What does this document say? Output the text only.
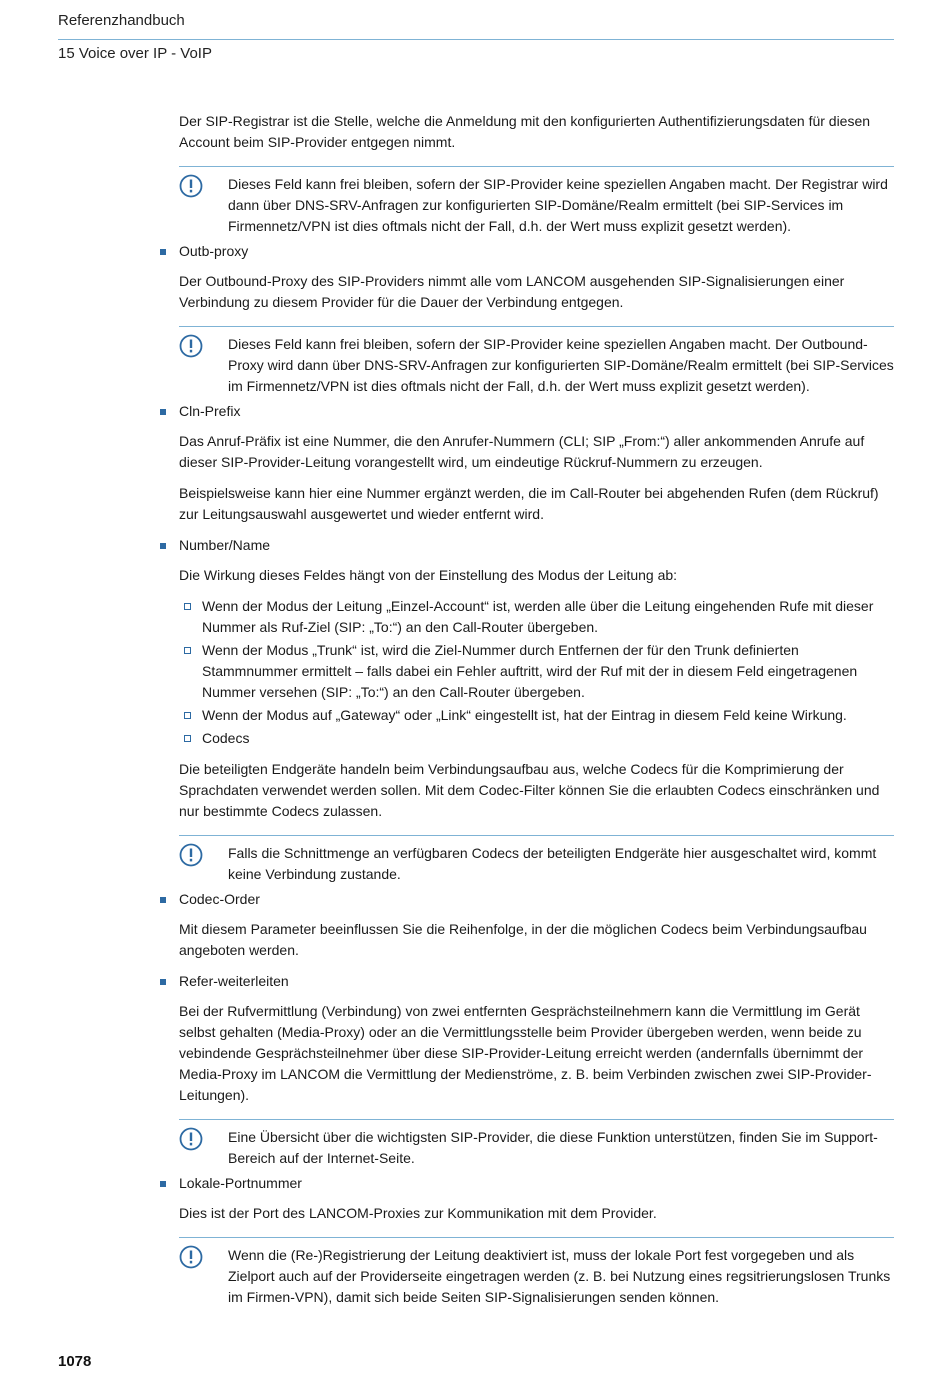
Referenzhandbuch
15 Voice over IP - VoIP

Der SIP-Registrar ist die Stelle, welche die Anmeldung mit den konfigurierten Authentifizierungsdaten für diesen Account beim SIP-Provider entgegen nimmt.

Dieses Feld kann frei bleiben, sofern der SIP-Provider keine speziellen Angaben macht. Der Registrar wird dann über DNS-SRV-Anfragen zur konfigurierten SIP-Domäne/Realm ermittelt (bei SIP-Services im Firmennetz/VPN ist dies oftmals nicht der Fall, d.h. der Wert muss explizit gesetzt werden).
Outb-proxy

Der Outbound-Proxy des SIP-Providers nimmt alle vom LANCOM ausgehenden SIP-Signalisierungen einer Verbindung zu diesem Provider für die Dauer der Verbindung entgegen.

Dieses Feld kann frei bleiben, sofern der SIP-Provider keine speziellen Angaben macht. Der Outbound-Proxy wird dann über DNS-SRV-Anfragen zur konfigurierten SIP-Domäne/Realm ermittelt (bei SIP-Services im Firmennetz/VPN ist dies oftmals nicht der Fall, d.h. der Wert muss explizit gesetzt werden).
Cln-Prefix

Das Anruf-Präfix ist eine Nummer, die den Anrufer-Nummern (CLI; SIP „From:“) aller ankommenden Anrufe auf dieser SIP-Provider-Leitung vorangestellt wird, um eindeutige Rückruf-Nummern zu erzeugen.

Beispielsweise kann hier eine Nummer ergänzt werden, die im Call-Router bei abgehenden Rufen (dem Rückruf) zur Leitungsauswahl ausgewertet und wieder entfernt wird.

Number/Name

Die Wirkung dieses Feldes hängt von der Einstellung des Modus der Leitung ab:

Wenn der Modus der Leitung „Einzel-Account“ ist, werden alle über die Leitung eingehenden Rufe mit dieser Nummer als Ruf-Ziel (SIP: „To:“) an den Call-Router übergeben.
Wenn der Modus „Trunk“ ist, wird die Ziel-Nummer durch Entfernen der für den Trunk definierten Stammnummer ermittelt – falls dabei ein Fehler auftritt, wird der Ruf mit der in diesem Feld eingetragenen Nummer versehen (SIP: „To:“) an den Call-Router übergeben.
Wenn der Modus auf „Gateway“ oder „Link“ eingestellt ist, hat der Eintrag in diesem Feld keine Wirkung.
Codecs

Die beteiligten Endgeräte handeln beim Verbindungsaufbau aus, welche Codecs für die Komprimierung der Sprachdaten verwendet werden sollen. Mit dem Codec-Filter können Sie die erlaubten Codecs einschränken und nur bestimmte Codecs zulassen.

Falls die Schnittmenge an verfügbaren Codecs der beteiligten Endgeräte hier ausgeschaltet wird, kommt keine Verbindung zustande.
Codec-Order

Mit diesem Parameter beeinflussen Sie die Reihenfolge, in der die möglichen Codecs beim Verbindungsaufbau angeboten werden.

Refer-weiterleiten

Bei der Rufvermittlung (Verbindung) von zwei entfernten Gesprächsteilnehmern kann die Vermittlung im Gerät selbst gehalten (Media-Proxy) oder an die Vermittlungsstelle beim Provider übergeben werden, wenn beide zu vebindende Gesprächsteilnehmer über diese SIP-Provider-Leitung erreicht werden (andernfalls übernimmt der Media-Proxy im LANCOM die Vermittlung der Medienströme, z. B. beim Verbinden zwischen zwei SIP-Provider-Leitungen).

Eine Übersicht über die wichtigsten SIP-Provider, die diese Funktion unterstützen, finden Sie im Support-Bereich auf der Internet-Seite.
Lokale-Portnummer

Dies ist der Port des LANCOM-Proxies zur Kommunikation mit dem Provider.

Wenn die (Re-)Registrierung der Leitung deaktiviert ist, muss der lokale Port fest vorgegeben und als Zielport auch auf der Providerseite eingetragen werden (z. B. bei Nutzung eines regsitrierungslosen Trunks im Firmen-VPN), damit sich beide Seiten SIP-Signalisierungen senden können.
1078
